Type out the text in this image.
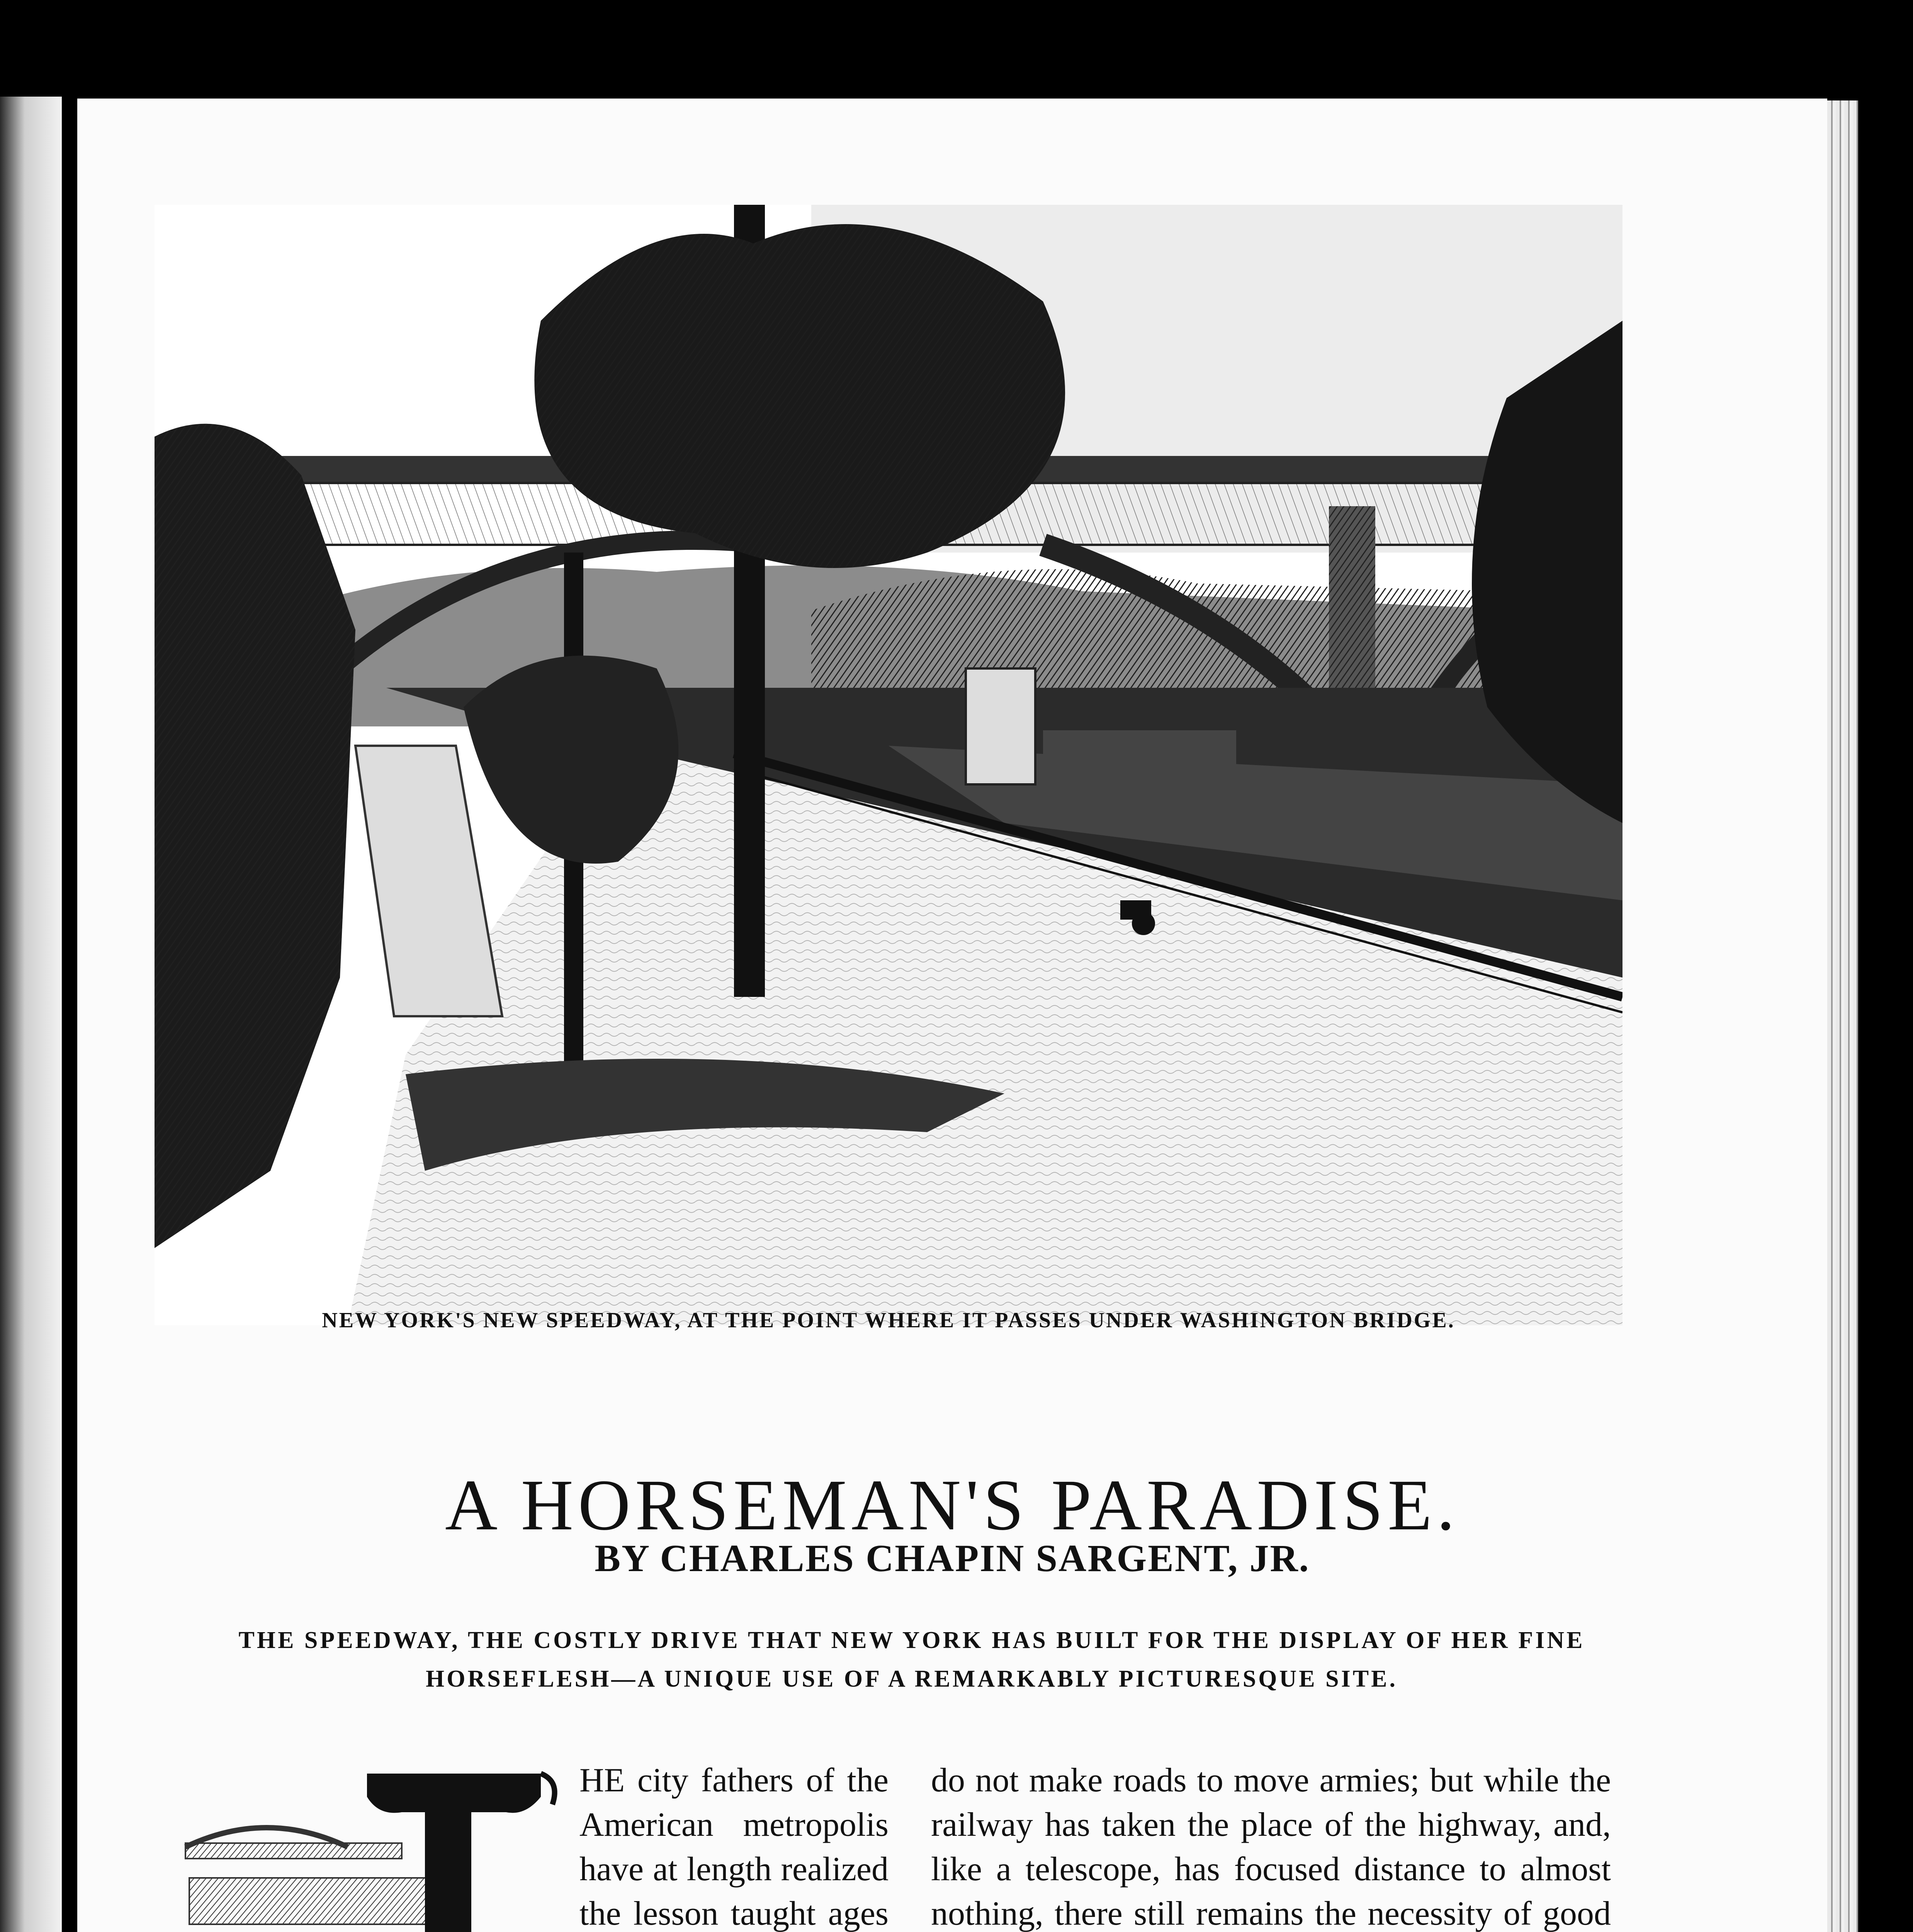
NEW YORK'S NEW SPEEDWAY, AT THE POINT WHERE IT PASSES UNDER WASHINGTON BRIDGE.
A HORSEMAN'S PARADISE.
BY CHARLES CHAPIN SARGENT, JR.
THE SPEEDWAY, THE COSTLY DRIVE THAT NEW YORK HAS BUILT FOR THE DISPLAY OF HER FINE HORSEFLESH—A UNIQUE USE OF A REMARKABLY PICTURESQUE SITE.

HE city fathers of the American metropolis have at length realized the lesson taught ages

do not make roads to move armies; but while the railway has taken the place of the highway, and, like a telescope, has focused distance to almost nothing, there still remains the necessity of good
